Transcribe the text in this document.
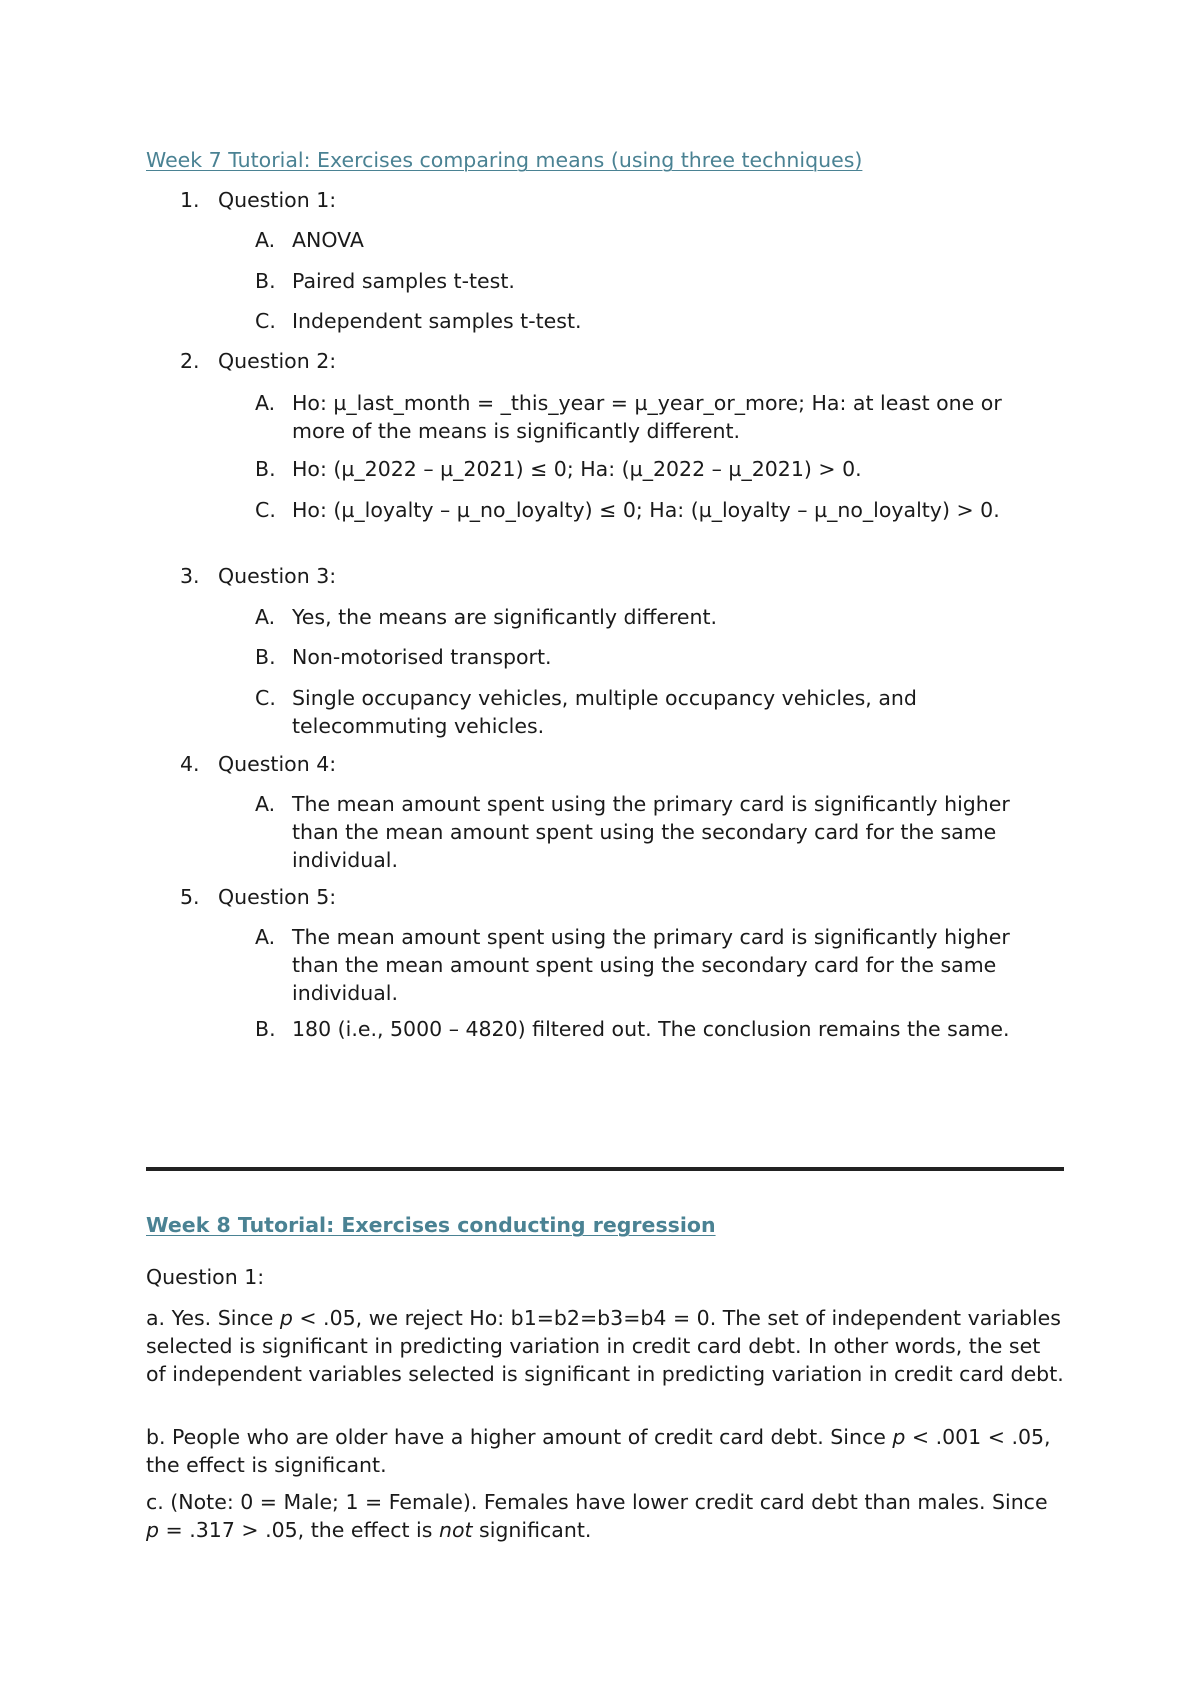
Week 7 Tutorial: Exercises comparing means (using three techniques)
1. Question 1:
A. ANOVA
B. Paired samples t-test.
C. Independent samples t-test.
2. Question 2:
A. Ho: µ_last_month = _this_year = µ_year_or_more; Ha: at least one or more of the means is significantly different.
B. Ho: (µ_2022 – µ_2021) ≤ 0; Ha: (µ_2022 – µ_2021) > 0.
C. Ho: (µ_loyalty – µ_no_loyalty) ≤ 0; Ha: (µ_loyalty – µ_no_loyalty) > 0.
3. Question 3:
A. Yes, the means are significantly different.
B. Non-motorised transport.
C. Single occupancy vehicles, multiple occupancy vehicles, and telecommuting vehicles.
4. Question 4:
A. The mean amount spent using the primary card is significantly higher than the mean amount spent using the secondary card for the same individual.
5. Question 5:
A. The mean amount spent using the primary card is significantly higher than the mean amount spent using the secondary card for the same individual.
B. 180 (i.e., 5000 – 4820) filtered out. The conclusion remains the same.
Week 8 Tutorial: Exercises conducting regression
Question 1:
a. Yes. Since p < .05, we reject Ho: b1=b2=b3=b4 = 0. The set of independent variables selected is significant in predicting variation in credit card debt. In other words, the set of independent variables selected is significant in predicting variation in credit card debt.
b. People who are older have a higher amount of credit card debt. Since p < .001 < .05, the effect is significant.
c. (Note: 0 = Male; 1 = Female). Females have lower credit card debt than males. Since p = .317 > .05, the effect is not significant.
